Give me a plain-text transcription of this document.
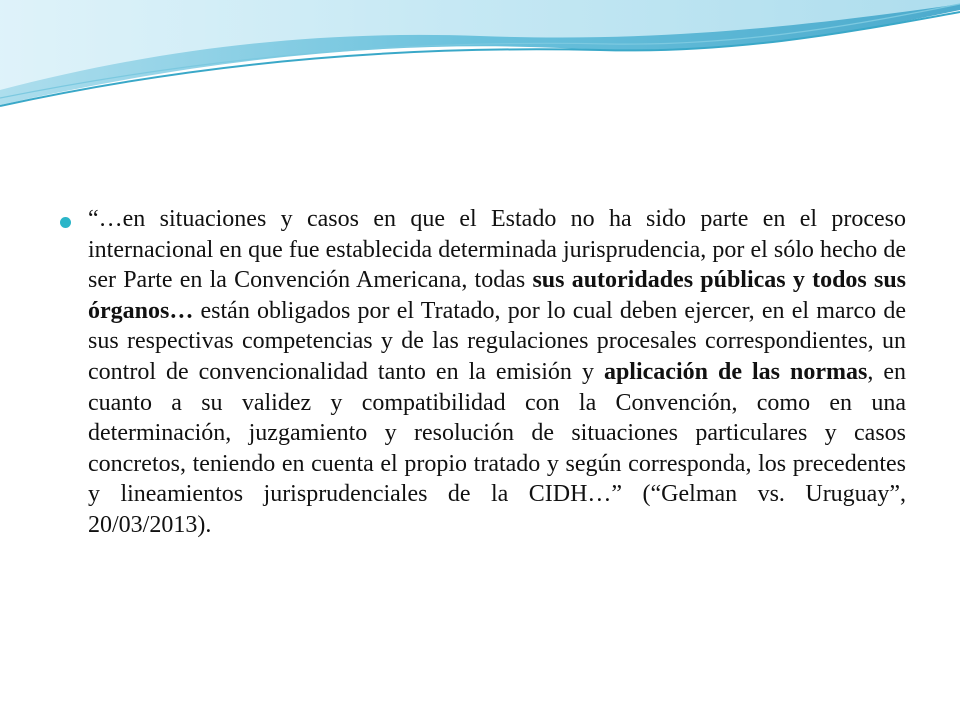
“…en situaciones y casos en que el Estado no ha sido parte en el proceso internacional en que fue establecida determinada jurisprudencia, por el sólo hecho de ser Parte en la Convención Americana, todas sus autoridades públicas y todos sus órganos… están obligados por el Tratado, por lo cual deben ejercer, en el marco de sus respectivas competencias y de las regulaciones procesales correspondientes, un control de convencionalidad tanto en la emisión y aplicación de las normas, en cuanto a su validez y compatibilidad con la Convención, como en una determinación, juzgamiento y resolución de situaciones particulares y casos concretos, teniendo en cuenta el propio tratado y según corresponda, los precedentes y lineamientos jurisprudenciales de la CIDH…” (“Gelman vs. Uruguay”, 20/03/2013).
